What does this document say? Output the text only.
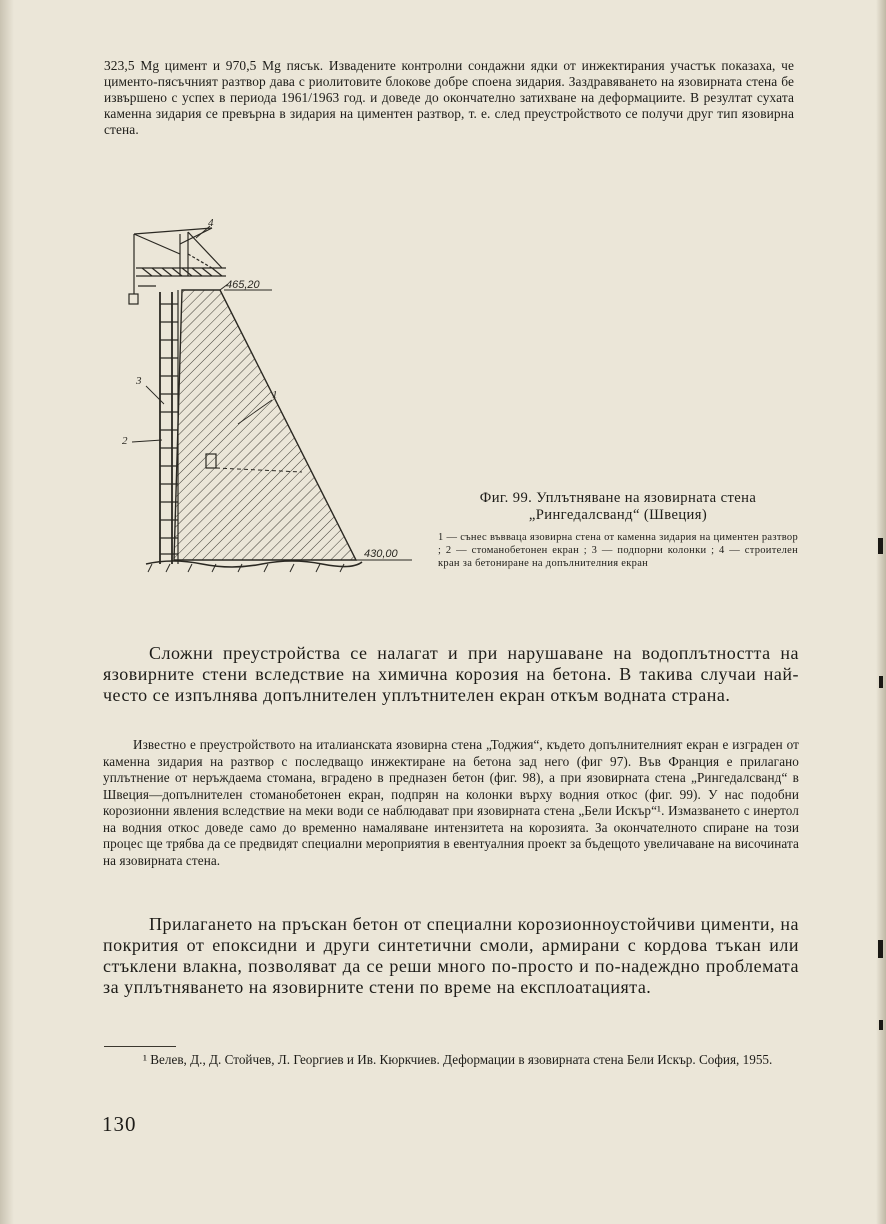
323,5 Mg цимент и 970,5 Mg пясък. Извадените контролни сондажни ядки от инжектирания участък показаха, че циментo-пясъчният разтвор дава с риолитовите блокове добре споена зидария. Заздравяването на язовирната стена бе извършено с успех в периода 1961/1963 год. и доведе до окончателно затихване на деформациите. В резултат сухата каменна зидария се превърна в зидария на циментен разтвор, т. е. след преустройството се получи друг тип язовирна стена.
465,20
430,00
1
2
3
4
Фиг. 99. Уплътняване на язовирната стена
„Рингедалсванд“ (Швеция)
1 — сънес въвваца язовирна стена от каменна зидария на циментен разтвор ; 2 — стоманобетонен екран ; 3 — подпорни колонки ; 4 — строителен кран за бетониране на допълнителния екран
Сложни преустройства се налагат и при нарушаване на водоплътността на язовирните стени вследствие на химична корозия на бетона. В такива случаи най-често се изпълнява допълнителен уплътнителен екран откъм водната страна.
Известно е преустройството на италианската язовирна стена „Тоджия“, където допълнителният екран е изграден от каменна зидария на разтвор с последващо инжектиране на бетона зад него (фиг 97). Във Франция е прилагано уплътнение от неръждаема стомана, вградено в предназен бетон (фиг. 98), а при язовирната стена „Рингедалсванд“ в Швеция—допълнителен стоманобетонен екран, подпрян на колонки върху водния откос (фиг. 99). У нас подобни корозионни явления вследствие на меки води се наблюдават при язовирната стена „Бели Искър“¹. Измазването с инертол на водния откос доведе само до временно намаляване интензитета на корозията. За окончателното спиране на този процес ще трябва да се предвидят специални мероприятия в евентуалния проект за бъдещото увеличаване на височината на язовирната стена.
Прилагането на пръскан бетон от специални корозионноустойчиви цименти, на покрития от епоксидни и други синтетични смоли, армирани с кордова тъкан или стъклени влакна, позволяват да се реши много по-просто и по-надеждно проблемата за уплътняването на язовирните стени по време на експлоатацията.
¹ Велев, Д., Д. Стойчев, Л. Георгиев и Ив. Кюркчиев. Деформации в язовирната стена Бели Искър. София, 1955.
130
